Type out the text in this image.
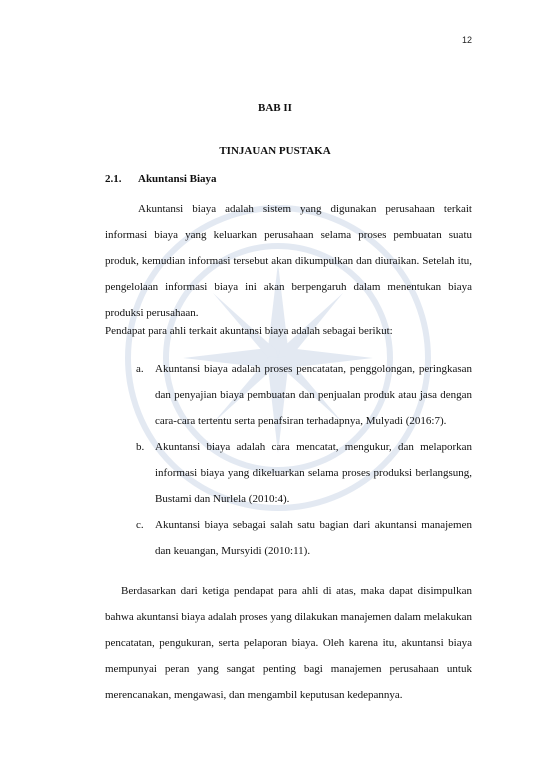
12
BAB II
TINJAUAN PUSTAKA
2.1. Akuntansi Biaya

Akuntansi biaya adalah sistem yang digunakan perusahaan terkait informasi biaya yang keluarkan perusahaan selama proses pembuatan suatu produk, kemudian informasi tersebut akan dikumpulkan dan diuraikan. Setelah itu, pengelolaan informasi biaya ini akan berpengaruh dalam menentukan biaya produksi perusahaan.

Pendapat para ahli terkait akuntansi biaya adalah sebagai berikut:

a. Akuntansi biaya adalah proses pencatatan, penggolongan, peringkasan dan penyajian biaya pembuatan dan penjualan produk atau jasa dengan cara-cara tertentu serta penafsiran terhadapnya, Mulyadi (2016:7).
b. Akuntansi biaya adalah cara mencatat, mengukur, dan melaporkan informasi biaya yang dikeluarkan selama proses produksi berlangsung, Bustami dan Nurlela (2010:4).
c. Akuntansi biaya sebagai salah satu bagian dari akuntansi manajemen dan keuangan, Mursyidi (2010:11).

Berdasarkan dari ketiga pendapat para ahli di atas, maka dapat disimpulkan bahwa akuntansi biaya adalah proses yang dilakukan manajemen dalam melakukan pencatatan, pengukuran, serta pelaporan biaya. Oleh karena itu, akuntansi biaya mempunyai peran yang sangat penting bagi manajemen perusahaan untuk merencanakan, mengawasi, dan mengambil keputusan kedepannya.
